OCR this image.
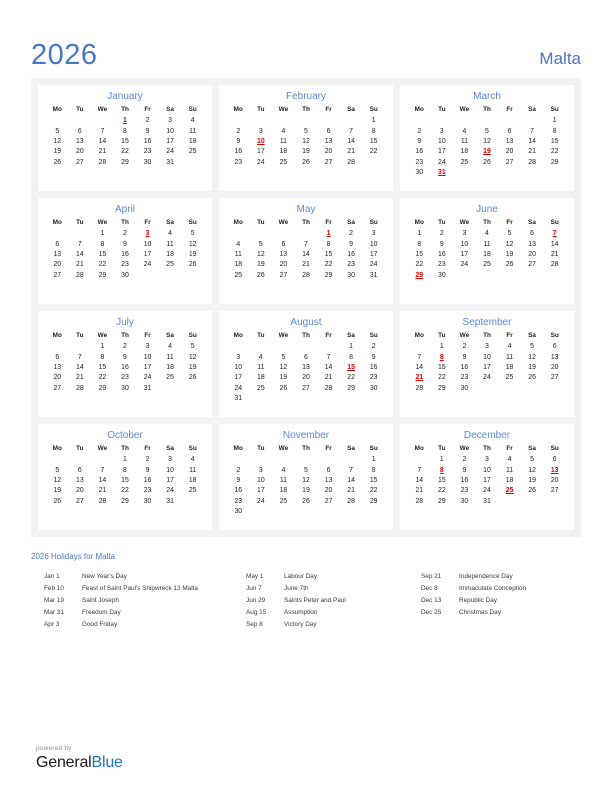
2026	Malta
January
Mo	Tu	We	Th	Fr	Sa	Su
			1	2	3	4
5	6	7	8	9	10	11
12	13	14	15	16	17	18
19	20	21	22	23	24	25
26	27	28	29	30	31	

February
Mo	Tu	We	Th	Fr	Sa	Su
						1
2	3	4	5	6	7	8
9	10	11	12	13	14	15
16	17	18	19	20	21	22
23	24	25	26	27	28	

March
Mo	Tu	We	Th	Fr	Sa	Su
						1
2	3	4	5	6	7	8
9	10	11	12	13	14	15
16	17	18	19	20	21	22
23	24	25	26	27	28	29
30	31					
April
Mo	Tu	We	Th	Fr	Sa	Su
		1	2	3	4	5
6	7	8	9	10	11	12
13	14	15	16	17	18	19
20	21	22	23	24	25	26
27	28	29	30			

May
Mo	Tu	We	Th	Fr	Sa	Su
				1	2	3
4	5	6	7	8	9	10
11	12	13	14	15	16	17
18	19	20	21	22	23	24
25	26	27	28	29	30	31

June
Mo	Tu	We	Th	Fr	Sa	Su
1	2	3	4	5	6	7
8	9	10	11	12	13	14
15	16	17	18	19	20	21
22	23	24	25	26	27	28
29	30					

July
Mo	Tu	We	Th	Fr	Sa	Su
		1	2	3	4	5
6	7	8	9	10	11	12
13	14	15	16	17	18	19
20	21	22	23	24	25	26
27	28	29	30	31		

August
Mo	Tu	We	Th	Fr	Sa	Su
					1	2
3	4	5	6	7	8	9
10	11	12	13	14	15	16
17	18	19	20	21	22	23
24	25	26	27	28	29	30
31						
September
Mo	Tu	We	Th	Fr	Sa	Su
	1	2	3	4	5	6
7	8	9	10	11	12	13
14	15	16	17	18	19	20
21	22	23	24	25	26	27
28	29	30				

October
Mo	Tu	We	Th	Fr	Sa	Su
			1	2	3	4
5	6	7	8	9	10	11
12	13	14	15	16	17	18
19	20	21	22	23	24	25
26	27	28	29	30	31	

November
Mo	Tu	We	Th	Fr	Sa	Su
						1
2	3	4	5	6	7	8
9	10	11	12	13	14	15
16	17	18	19	20	21	22
23	24	25	26	27	28	29
30						
December
Mo	Tu	We	Th	Fr	Sa	Su
	1	2	3	4	5	6
7	8	9	10	11	12	13
14	15	16	17	18	19	20
21	22	23	24	25	26	27
28	29	30	31			

2026 Holidays for Malta
Jan 1	New Year's Day
Feb 10	Feast of Saint Paul's Shipwreck 13 Malta
Mar 19	Saint Joseph
Mar 31	Freedom Day
Apr 3	Good Friday
May 1	Labour Day
Jun 7	June 7th
Jun 29	Saints Peter and Paul
Aug 15	Assumption
Sep 8	Victory Day
Sep 21	Independence Day
Dec 8	Immaculate Conception
Dec 13	Republic Day
Dec 25	Christmas Day
powered by
GeneralBlue
